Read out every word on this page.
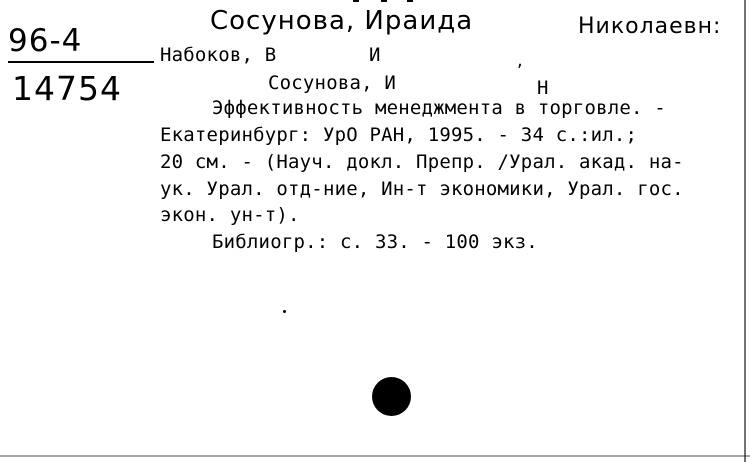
96-4
14754
Сосунова, Ираида	Николаевн:
,
Набоков, В	И
Сосунова, И	Н
Эффективность менеджмента в торговле. -
Екатеринбург: УрО РАН, 1995. - 34 с.:ил.;
20 см. - (Науч. докл. Препр. /Урал. акад. на-
ук. Урал. отд-ние, Ин-т экономики, Урал. гос.
экон. ун-т).
Библиогр.: с. 33. - 100 экз.
